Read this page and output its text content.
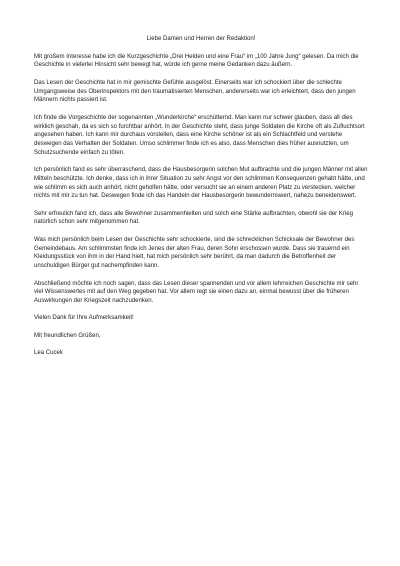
Liebe Damen und Herren der Redaktion!

Mit großem Interesse habe ich die Kurzgeschichte „Drei Helden und eine Frau“ im „100 Jahre Jung“ gelesen. Da mich die Geschichte in vielerlei Hinsicht sehr bewegt hat, würde ich gerne meine Gedanken dazu äußern.

Das Lesen der Geschichte hat in mir gemischte Gefühle ausgelöst. Einerseits war ich schockiert über die schlechte Umgangsweise des Oberinspektors mit den traumatisierten Menschen, andererseits war ich erleichtert, dass den jungen Männern nichts passiert ist.

Ich finde die Vorgeschichte der sogenannten „Wunderkirche“ erschütternd. Man kann nur schwer glauben, dass all dies wirklich geschah, da es sich so furchtbar anhört. In der Geschichte steht, dass junge Soldaten die Kirche oft als Zufluchtsort angesehen haben. Ich kann mir durchaus vorstellen, dass eine Kirche schöner ist als ein Schlachtfeld und verstehe deswegen das Verhalten der Soldaten. Umso schlimmer finde ich es also, dass Menschen dies früher ausnutzten, um Schutzsuchende einfach zu töten.

Ich persönlich fand es sehr überraschend, dass die Hausbesorgerin solchen Mut aufbrachte und die jungen Männer mit allen Mitteln beschützte. Ich denke, dass ich in ihrer Situation zu sehr Angst vor den schlimmen Konsequenzen gehabt hätte, und wie schlimm es sich auch anhört, nicht geholfen hätte, oder versucht sie an einem anderen Platz zu verstecken, welcher nichts mit mir zu tun hat. Deswegen finde ich das Handeln der Hausbesorgerin bewundernswert, nahezu beneidenswert.

Sehr erfreulich fand ich, dass alle Bewohner zusammenhielten und solch eine Stärke aufbrachten, obwohl sie der Krieg natürlich schon sehr mitgenommen hat.

Was mich persönlich beim Lesen der Geschichte sehr schockierte, sind die schrecklichen Schicksale der Bewohner des Gemeindebaus. Am schlimmsten finde ich Jenes der alten Frau, deren Sohn erschossen wurde. Dass sie trauernd ein Kleidungsstück von ihm in der Hand hielt, hat mich persönlich sehr berührt, da man dadurch die Betroffenheit der unschuldigen Bürger gut nachempfinden kann.

Abschließend möchte ich noch sagen, dass das Lesen dieser spannenden und vor allem lehrreichen Geschichte mir sehr viel Wissenswertes mit auf den Weg gegeben hat. Vor allem regt sie einen dazu an, einmal bewusst über die früheren Auswirkungen der Kriegszeit nachzudenken.

Vielen Dank für Ihre Aufmerksamkeit!

Mit freundlichen Grüßen,

Lea Cucek
